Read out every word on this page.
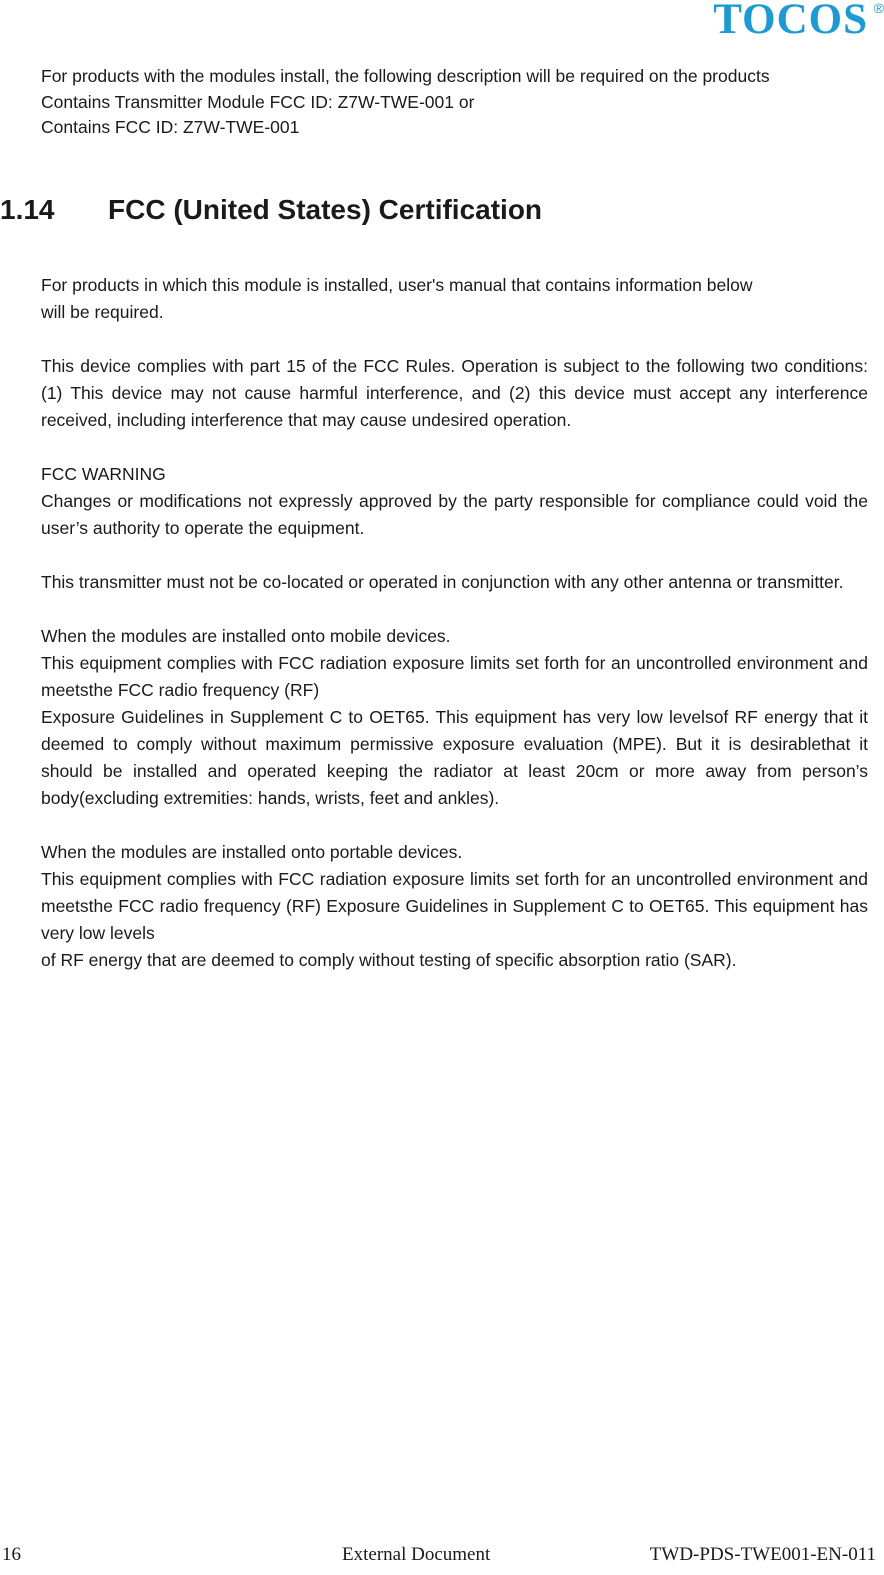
TOCOS ®

For products with the modules install, the following description will be required on the products

Contains Transmitter Module FCC ID: Z7W-TWE-001 or

Contains FCC ID: Z7W-TWE-001

1.14 FCC (United States) Certification

For products in which this module is installed, user's manual that contains information below will be required.

This device complies with part 15 of the FCC Rules. Operation is subject to the following two conditions: (1) This device may not cause harmful interference, and (2) this device must accept any interference received, including interference that may cause undesired operation.

FCC WARNING

Changes or modifications not expressly approved by the party responsible for compliance could void the user’s authority to operate the equipment.

This transmitter must not be co-located or operated in conjunction with any other antenna or transmitter.

When the modules are installed onto mobile devices.

This equipment complies with FCC radiation exposure limits set forth for an uncontrolled environment and meetsthe FCC radio frequency (RF)

Exposure Guidelines in Supplement C to OET65. This equipment has very low levelsof RF energy that it deemed to comply without maximum permissive exposure evaluation (MPE). But it is desirablethat it should be installed and operated keeping the radiator at least 20cm or more away from person’s body(excluding extremities: hands, wrists, feet and ankles).

When the modules are installed onto portable devices.

This equipment complies with FCC radiation exposure limits set forth for an uncontrolled environment and meetsthe FCC radio frequency (RF) Exposure Guidelines in Supplement C to OET65. This equipment has very low levels

of RF energy that are deemed to comply without testing of specific absorption ratio (SAR).

16	External Document	TWD-PDS-TWE001-EN-011
